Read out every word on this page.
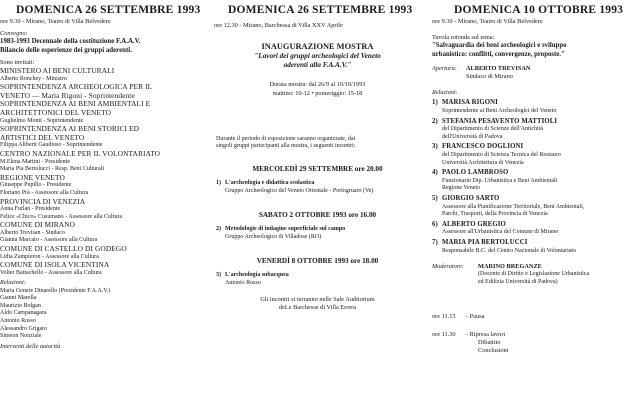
DOMENICA 26 SETTEMBRE 1993
ore 9.30 - Mirano, Teatro di Villa Belvedere
Convegno:
1983-1993 Decennale della costituzione F.A.A.V.
Bilancio delle esperienze dei gruppi aderenti.
Sono invitati:
MINISTERO AI BENI CULTURALI
Alberto Ronchey - Ministro
SOPRINTENDENZA ARCHEOLOGICA PER IL
VENETO — Maria Rigoni - Soprintendente
SOPRINTENDENZA AI BENI AMBIENTALI E
ARCHITETTONICI DEL VENETO
Guglielmo Monti - Soprintendente
SOPRINTENDENZA AI BENI STORICI ED
ARTISTICI DEL VENETO
Filippa Aliberti Gaudioso - Soprintendente
CENTRO NAZIONALE PER IL VOLONTARIATO
M.Elena Martini - Presidente
Maria Pia Bertolucci - Resp. Beni Culturali
REGIONE VENETO
Giuseppe Pupillo - Presidente
Floriano Prà - Assessore alla Cultura
PROVINCIA DI VENEZIA
Anna Furlan - Presidente
Felice «Chico» Cusumano - Assessore alla Cultura
COMUNE DI MIRANO
Alberto Trevisan - Sindaco
Gianna Marcato - Assessore alla Cultura
COMUNE DI CASTELLO DI GODEGO
Lidia Zampieron - Assessore alla Cultura
COMUNE DI ISOLA VICENTINA
Volter Battachello - Assessore alla Cultura
Relazioni:
Maria Genere Dinarello (Presidente F.A.A.V.)
Gianni Marella
Maurizio Bolgan
Aldo Campanagara
Antonio Rosso
Alessandro Grigato
Simeon Nonziale
Interventi delle autorità
DOMENICA 26 SETTEMBRE 1993
ore 12.30 - Mirano, Barchessa di Villa XXV Aprile
INAUGURAZIONE MOSTRA
"Lavori dei gruppi archeologici del Veneto
aderenti alla F.A.A.V."
Durata mostra: dal 26/9 al 10/10/1993
mattino: 10-12 • pomeriggio: 15-18
Durante il periodo di esposizione saranno organizzate, dai
singoli gruppi partecipanti alla mostra, i seguenti incontri:
MERCOLEDÌ 29 SETTEMBRE ore 20.00
1) L'archeologia e didattica scolastica
Gruppo Archeologico del Veneto Orientale - Portogruaro (Ve)
SABATO 2 OTTOBRE 1993 ore 16.00
2) Metodologie di indagine superficiale sul campo
Gruppo Archeologico di Villadose (RO)
VENERDÌ 8 OTTOBRE 1993 ore 18.00
3) L'archeologia subacquea
Antonio Rosso
Gli incontri si terranno nelle Sale Auditorium
deLe Barchesse di Villa Errera
DOMENICA 10 OTTOBRE 1993
ore 9.30 - Mirano, Teatro di Villa Belvedere
Tavola rotonda sul tema:
"Salvaguardia dei beni archeologici e sviluppo
urbanistico: conflitti, convergenze, proposte."
Apertura:	ALBERTO TREVISAN
Sindaco di Mirano
Relazioni:
1) MARISA RIGONI
Soprintendente ai Beni Archeologici del Veneto
2) STEFANIA PESAVENTO MATTIOLI
del Dipartimento di Scienze dell'Antichità
dell'Università di Padova
3) FRANCESCO DOGLIONI
del Dipartimento di Scienza Tecnica del Restauro
Università Architettura di Venezia
4) PAOLO LAMBROSO
Funzionario Dip. Urbanistica e Beni Ambientali
Regione Veneto
5) GIORGIO SARTO
Assessore alla Pianificazione Territoriale, Beni Ambientali,
Parchi, Trasporti, della Provincia di Venezia
6) ALBERTO GREGIO
Assessore all'Urbanistica del Comune di Mirano
7) MARIA PIA BERTOLUCCI
Responsabile B.C. del Centro Nazionale di Volontariato
Moderatore:	MARINO BREGANZE
(Docente di Diritto e Legislazione Urbanistica
ed Edilizia Università di Padova)
ore 11.15	- Pausa
ore 11.30	- Ripresa lavori
Dibattito
Conclusioni
